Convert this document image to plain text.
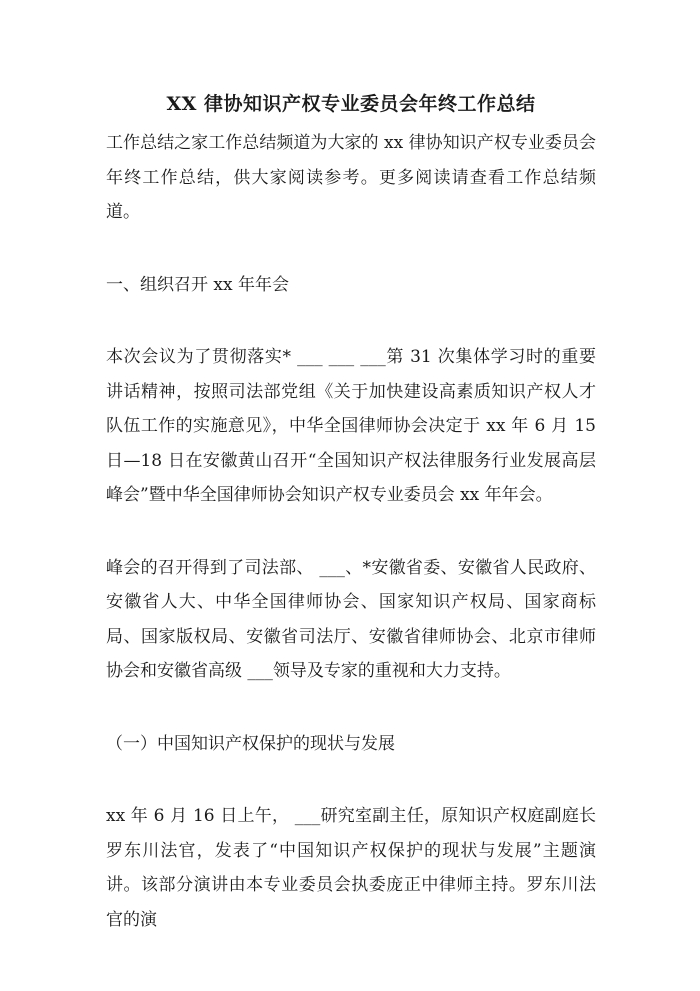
XX 律协知识产权专业委员会年终工作总结

工作总结之家工作总结频道为大家的 xx 律协知识产权专业委员会年终工作总结，供大家阅读参考。更多阅读请查看工作总结频道。

一、组织召开 xx 年年会

本次会议为了贯彻落实* ___ ___ ___第 31 次集体学习时的重要讲话精神，按照司法部党组《关于加快建设高素质知识产权人才队伍工作的实施意见》，中华全国律师协会决定于 xx 年 6 月 15 日—18 日在安徽黄山召开“全国知识产权法律服务行业发展高层峰会”暨中华全国律师协会知识产权专业委员会 xx 年年会。

峰会的召开得到了司法部、 ___、*安徽省委、安徽省人民政府、安徽省人大、中华全国律师协会、国家知识产权局、国家商标局、国家版权局、安徽省司法厅、安徽省律师协会、北京市律师协会和安徽省高级 ___领导及专家的重视和大力支持。

（一）中国知识产权保护的现状与发展

xx 年 6 月 16 日上午， ___研究室副主任，原知识产权庭副庭长罗东川法官，发表了“中国知识产权保护的现状与发展”主题演讲。该部分演讲由本专业委员会执委庞正中律师主持。罗东川法官的演
